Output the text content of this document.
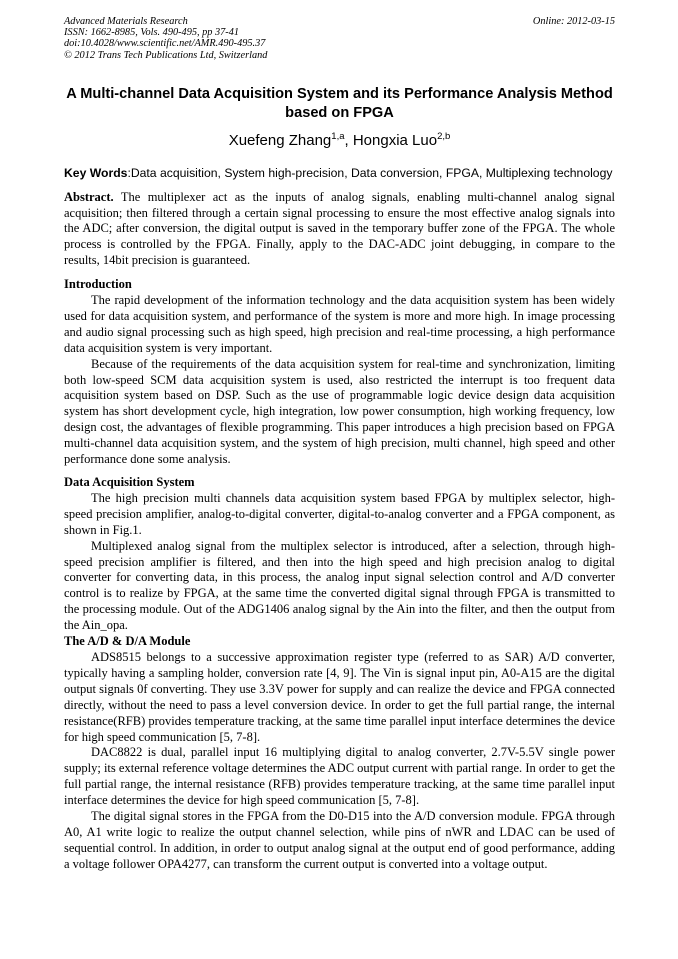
Advanced Materials Research
ISSN: 1662-8985, Vols. 490-495, pp 37-41
doi:10.4028/www.scientific.net/AMR.490-495.37
© 2012 Trans Tech Publications Ltd, Switzerland
Online: 2012-03-15
A Multi-channel Data Acquisition System and its Performance Analysis Method based on FPGA
Xuefeng Zhang$^{1,a}$, Hongxia Luo$^{2,b}$
Key Words:Data acquisition, System high-precision, Data conversion, FPGA, Multiplexing technology

Abstract. The multiplexer act as the inputs of analog signals, enabling multi-channel analog signal acquisition; then filtered through a certain signal processing to ensure the most effective analog signals into the ADC; after conversion, the digital output is saved in the temporary buffer zone of the FPGA. The whole process is controlled by the FPGA. Finally, apply to the DAC-ADC joint debugging, in compare to the results, 14bit precision is guaranteed.

Introduction

The rapid development of the information technology and the data acquisition system has been widely used for data acquisition system, and performance of the system is more and more high. In image processing and audio signal processing such as high speed, high precision and real-time processing, a high performance data acquisition system is very important.

Because of the requirements of the data acquisition system for real-time and synchronization, limiting both low-speed SCM data acquisition system is used, also restricted the interrupt is too frequent data acquisition system based on DSP. Such as the use of programmable logic device design data acquisition system has short development cycle, high integration, low power consumption, high working frequency, low design cost, the advantages of flexible programming. This paper introduces a high precision based on FPGA multi-channel data acquisition system, and the system of high precision, multi channel, high speed and other performance done some analysis.

Data Acquisition System

The high precision multi channels data acquisition system based FPGA by multiplex selector, high-speed precision amplifier, analog-to-digital converter, digital-to-analog converter and a FPGA component, as shown in Fig.1.

Multiplexed analog signal from the multiplex selector is introduced, after a selection, through high-speed precision amplifier is filtered, and then into the high speed and high precision analog to digital converter for converting data, in this process, the analog input signal selection control and A/D converter control is to realize by FPGA, at the same time the converted digital signal through FPGA is transmitted to the processing module. Out of the ADG1406 analog signal by the Ain into the filter, and then the output from the Ain_opa.

The A/D & D/A Module

ADS8515 belongs to a successive approximation register type (referred to as SAR) A/D converter, typically having a sampling holder, conversion rate [4, 9]. The Vin is signal input pin, A0-A15 are the digital output signals 0f converting. They use 3.3V power for supply and can realize the device and FPGA connected directly, without the need to pass a level conversion device. In order to get the full partial range, the internal resistance(RFB) provides temperature tracking, at the same time parallel input interface determines the device for high speed communication [5, 7-8].

DAC8822 is dual, parallel input 16 multiplying digital to analog converter, 2.7V-5.5V single power supply; its external reference voltage determines the ADC output current with partial range. In order to get the full partial range, the internal resistance (RFB) provides temperature tracking, at the same time parallel input interface determines the device for high speed communication [5, 7-8].

The digital signal stores in the FPGA from the D0-D15 into the A/D conversion module. FPGA through A0, A1 write logic to realize the output channel selection, while pins of nWR and LDAC can be used of sequential control. In addition, in order to output analog signal at the output end of good performance, adding a voltage follower OPA4277, can transform the current output is converted into a voltage output.
